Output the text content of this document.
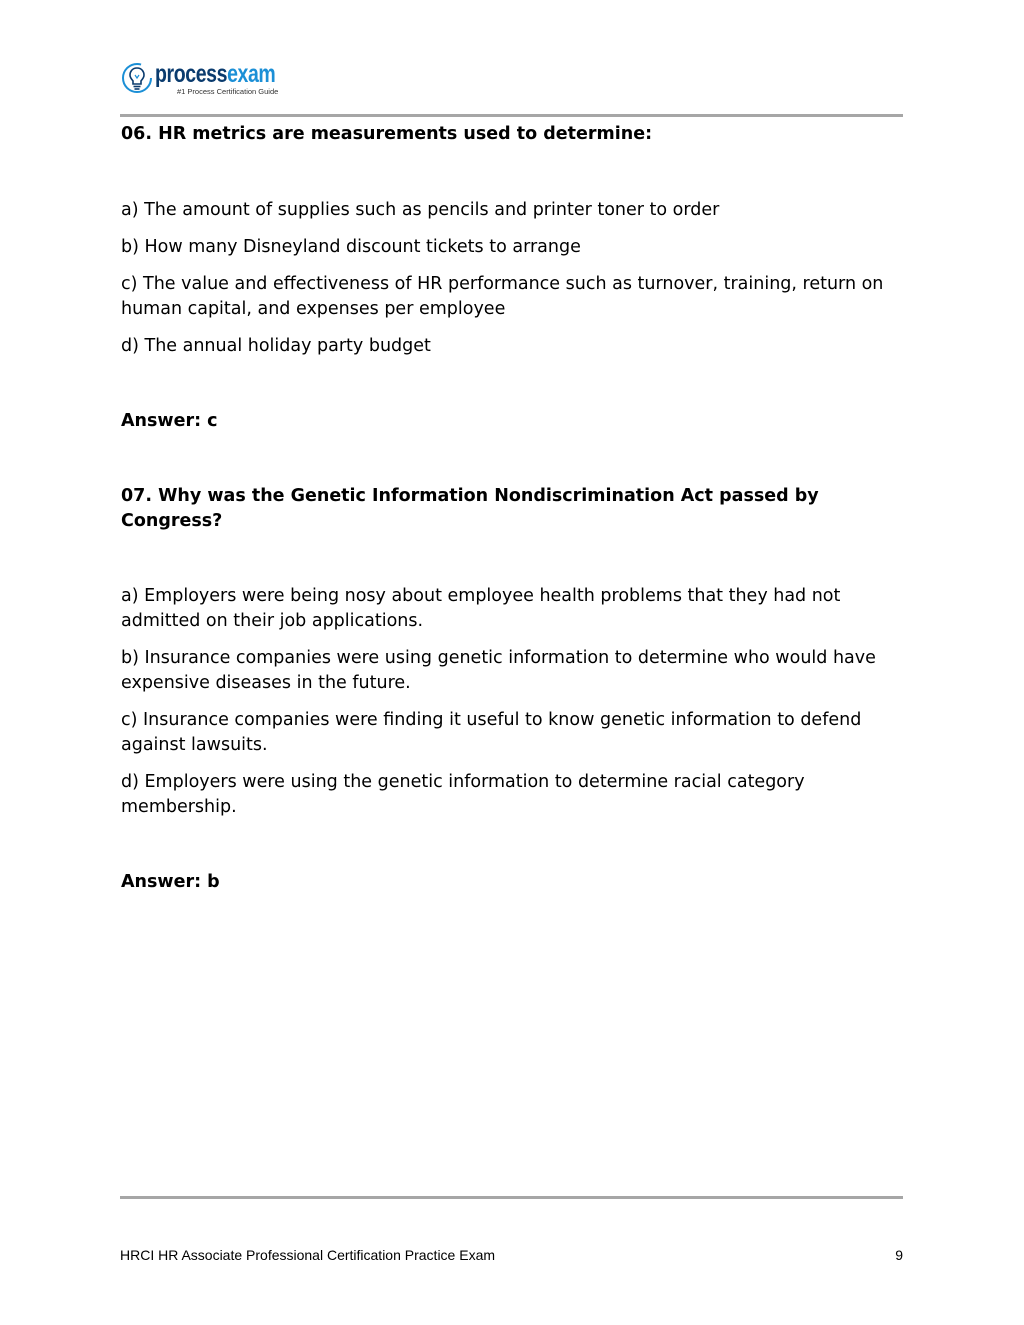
processexam
#1 Process Certification Guide

06. HR metrics are measurements used to determine:

a) The amount of supplies such as pencils and printer toner to order

b) How many Disneyland discount tickets to arrange

c) The value and effectiveness of HR performance such as turnover, training, return on human capital, and expenses per employee

d) The annual holiday party budget

Answer: c

07. Why was the Genetic Information Nondiscrimination Act passed by Congress?

a) Employers were being nosy about employee health problems that they had not admitted on their job applications.

b) Insurance companies were using genetic information to determine who would have expensive diseases in the future.

c) Insurance companies were finding it useful to know genetic information to defend against lawsuits.

d) Employers were using the genetic information to determine racial category membership.

Answer: b

HRCI HR Associate Professional Certification Practice Exam	9
